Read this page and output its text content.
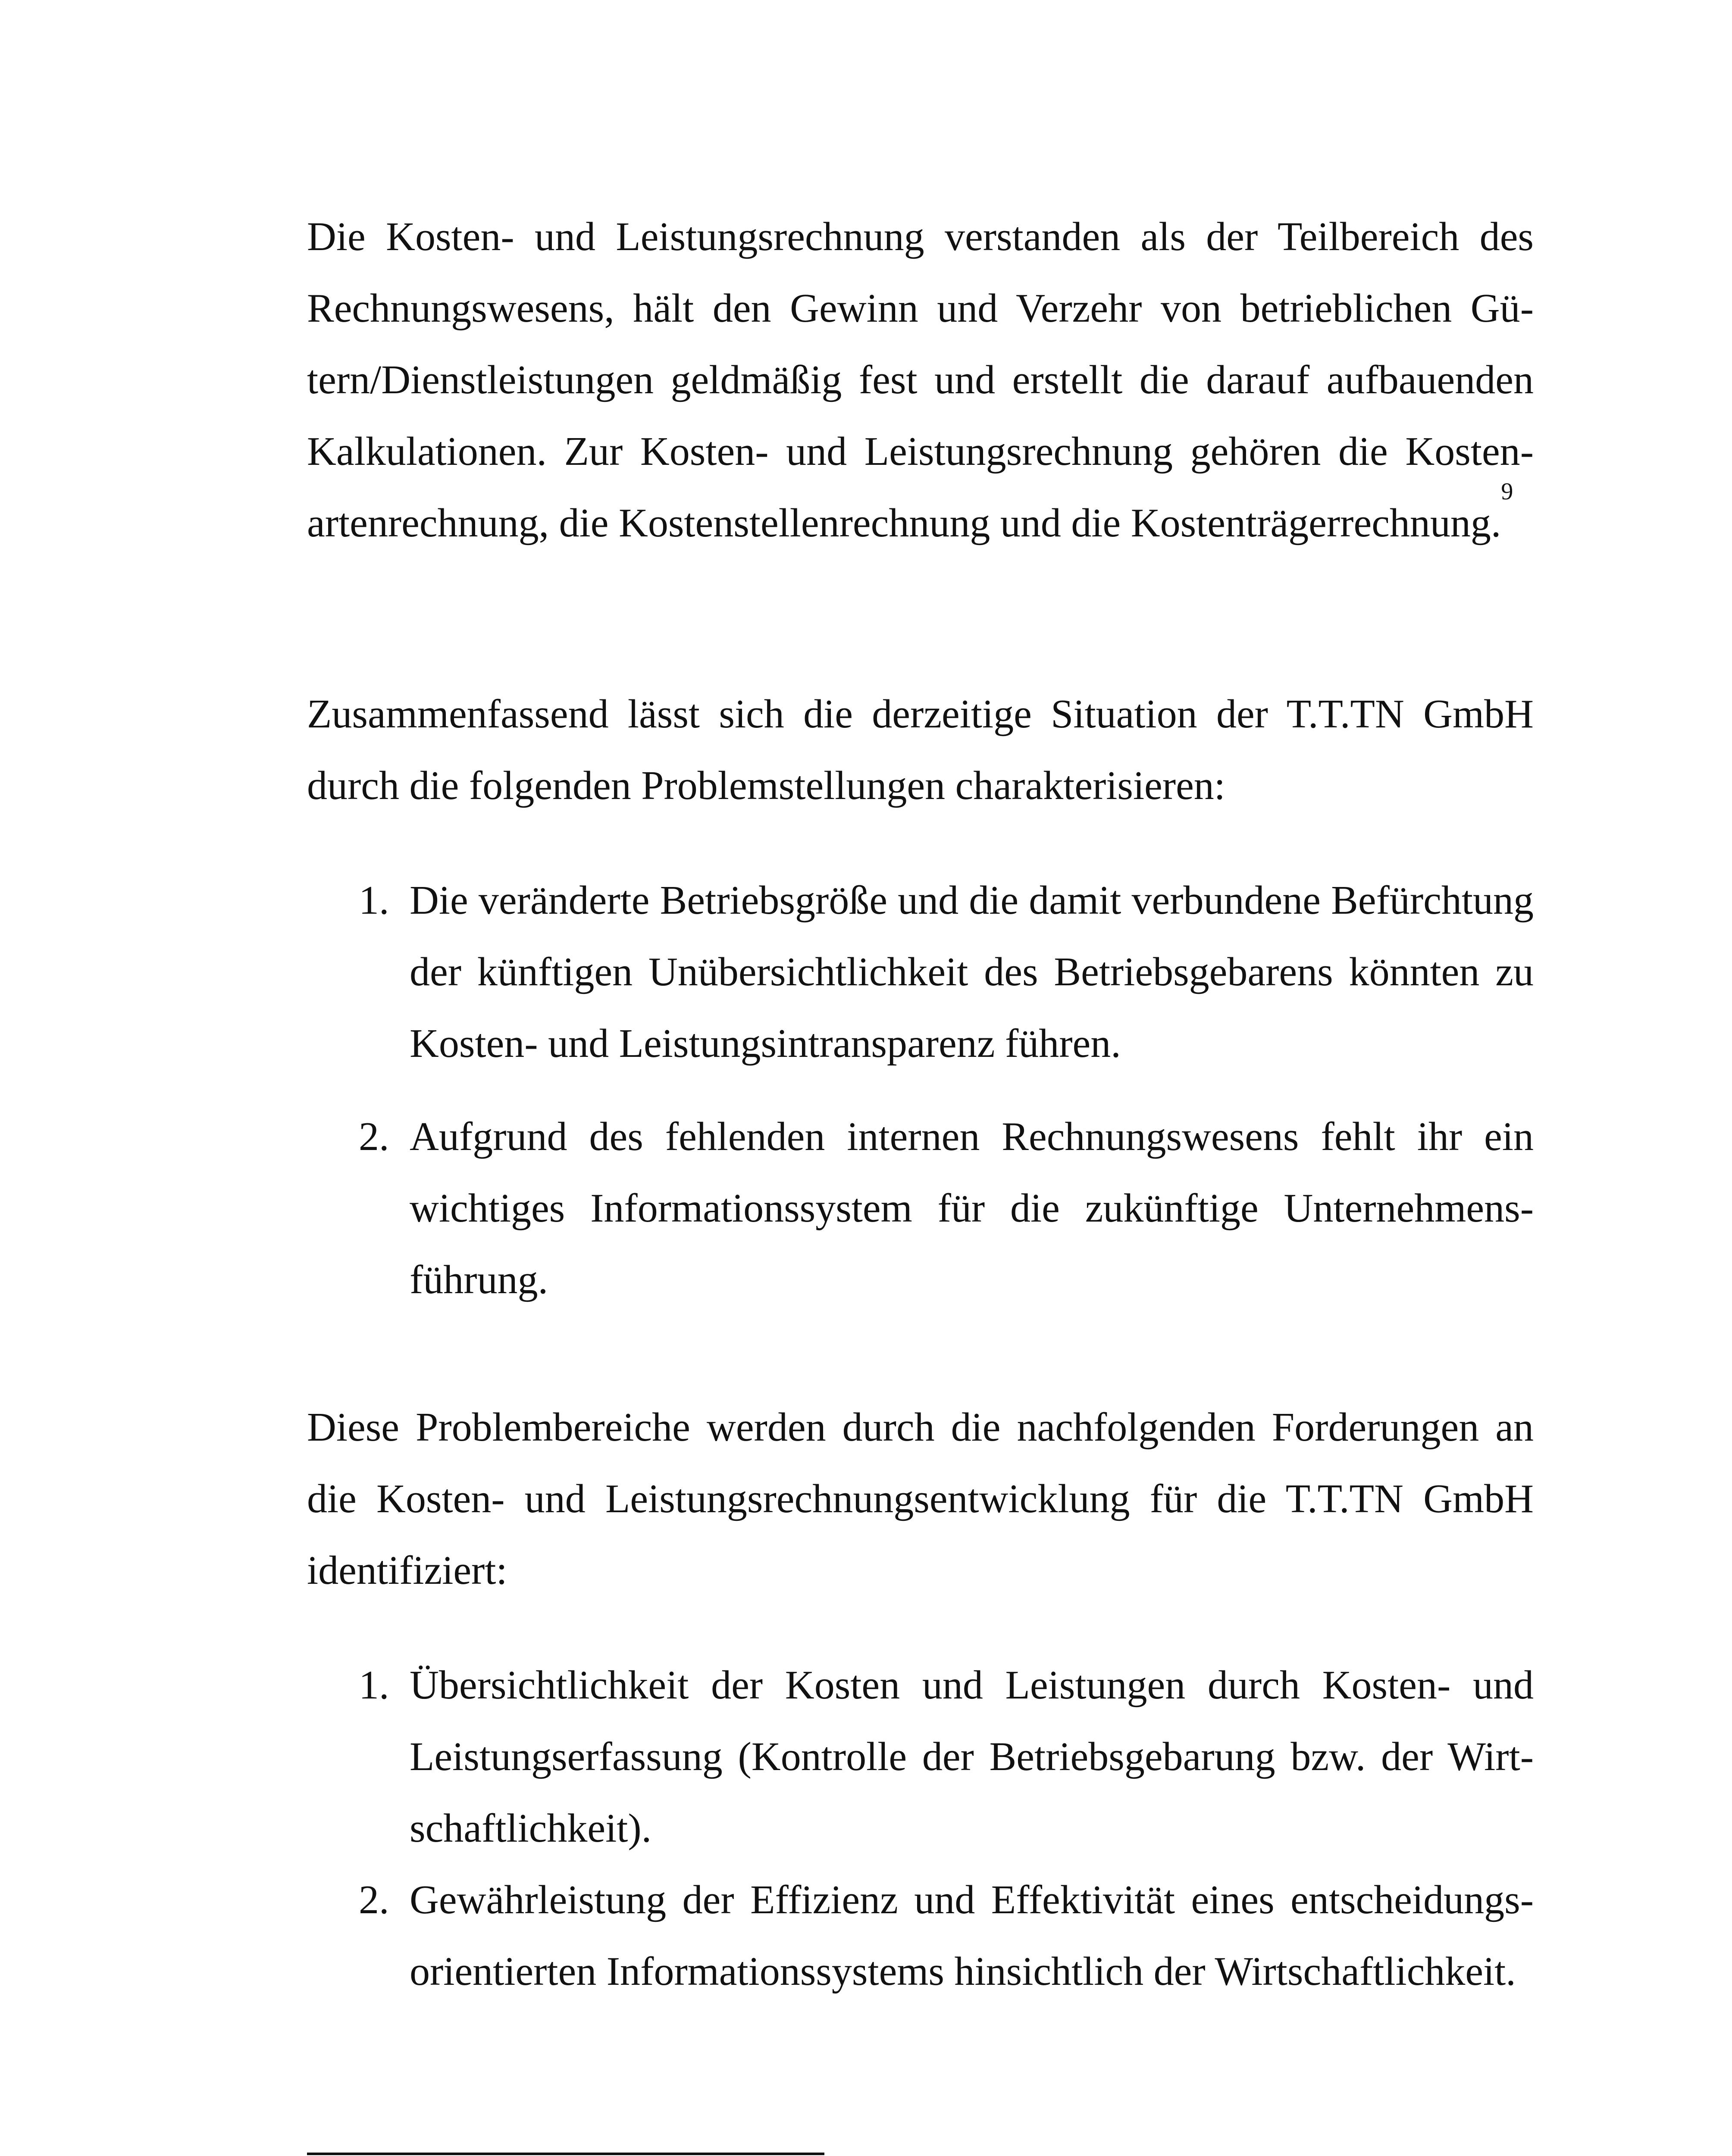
Die Kosten- und Leistungsrechnung verstanden als der Teilbereich des Rechnungswesens, hält den Gewinn und Verzehr von betrieblichen Gütern/Dienstleistungen geldmäßig fest und erstellt die darauf aufbauenden Kalkulationen. Zur Kosten- und Leistungsrechnung gehören die Kostenartenrechnung, die Kostenstellenrechnung und die Kostenträgerrechnung.$^9$

Zusammenfassend lässt sich die derzeitige Situation der T.T.TN GmbH durch die folgenden Problemstellungen charakterisieren:

1. Die veränderte Betriebsgröße und die damit verbundene Befürchtung der künftigen Unübersichtlichkeit des Betriebsgebarens könnten zu Kosten- und Leistungsintransparenz führen.
2. Aufgrund des fehlenden internen Rechnungswesens fehlt ihr ein wichtiges Informationssystem für die zukünftige Unternehmensführung.

Diese Problembereiche werden durch die nachfolgenden Forderungen an die Kosten- und Leistungsrechnungsentwicklung für die T.T.TN GmbH identifiziert:

1. Übersichtlichkeit der Kosten und Leistungen durch Kosten- und Leistungserfassung (Kontrolle der Betriebsgebarung bzw. der Wirtschaftlichkeit).
2. Gewährleistung der Effizienz und Effektivität eines entscheidungsorientierten Informationssystems hinsichtlich der Wirtschaftlichkeit.
